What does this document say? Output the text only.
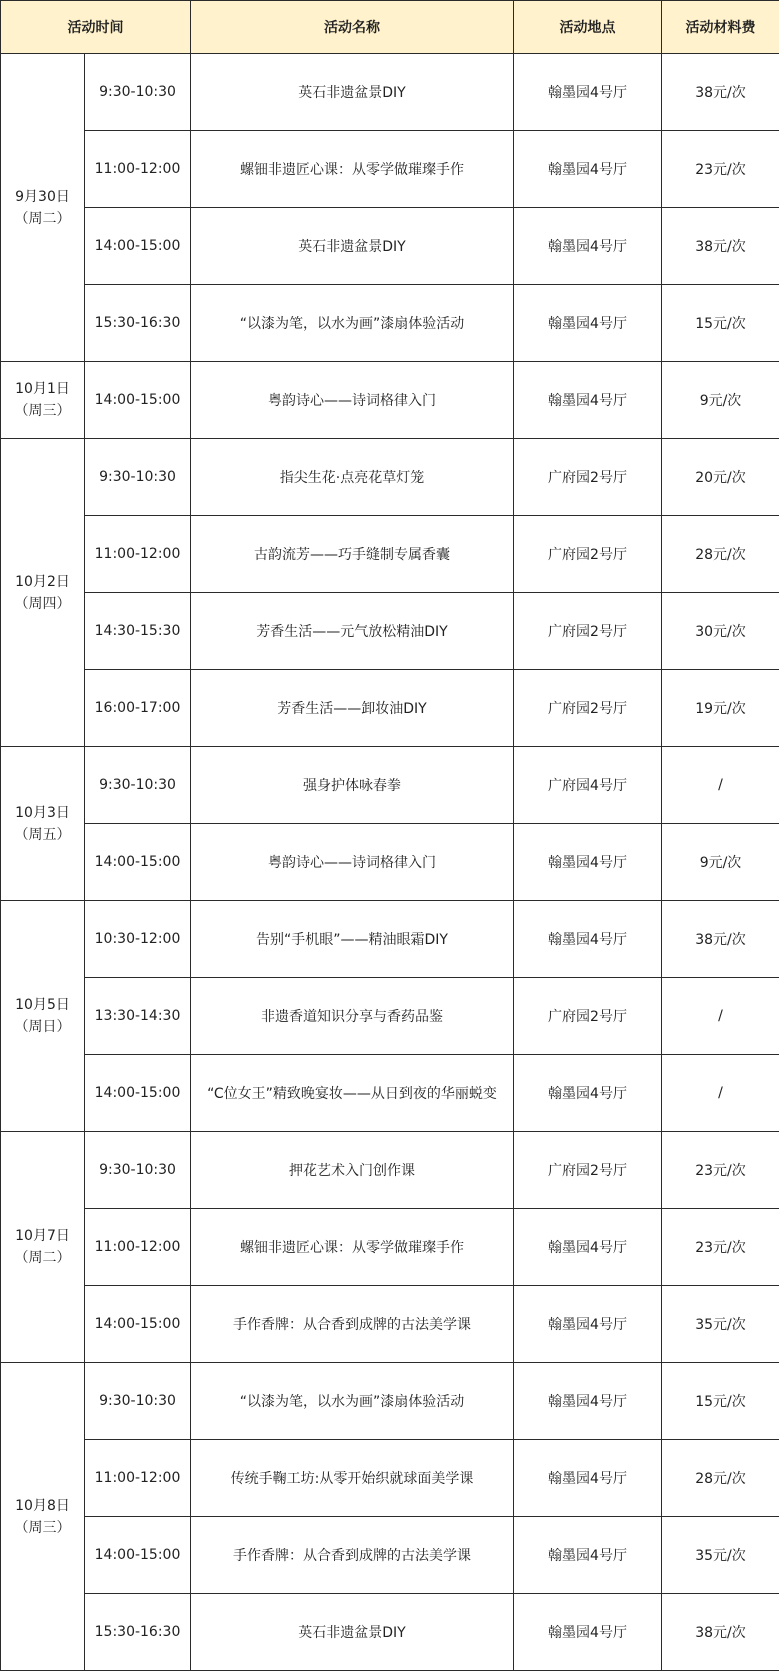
活动时间		活动名称	活动地点	活动材料费

9月30日
（周二）	9:30-10:30	英石非遗盆景DIY	翰墨园4号厅	38元/次
	11:00-12:00	螺钿非遗匠心课：从零学做璀璨手作	翰墨园4号厅	23元/次
	14:00-15:00	英石非遗盆景DIY	翰墨园4号厅	38元/次
	15:30-16:30	“以漆为笔，以水为画”漆扇体验活动	翰墨园4号厅	15元/次

10月1日
（周三）	14:00-15:00	粤韵诗心——诗词格律入门	翰墨园4号厅	9元/次

10月2日
（周四）	9:30-10:30	指尖生花·点亮花草灯笼	广府园2号厅	20元/次
	11:00-12:00	古韵流芳——巧手缝制专属香囊	广府园2号厅	28元/次
	14:30-15:30	芳香生活——元气放松精油DIY	广府园2号厅	30元/次
	16:00-17:00	芳香生活——卸妆油DIY	广府园2号厅	19元/次

10月3日
（周五）	9:30-10:30	强身护体咏春拳	广府园4号厅	/
	14:00-15:00	粤韵诗心——诗词格律入门	翰墨园4号厅	9元/次

10月5日
（周日）	10:30-12:00	告别“手机眼”——精油眼霜DIY	翰墨园4号厅	38元/次
	13:30-14:30	非遗香道知识分享与香药品鉴	广府园2号厅	/
	14:00-15:00	“C位女王”精致晚宴妆——从日到夜的华丽蜕变	翰墨园4号厅	/

10月7日
（周二）	9:30-10:30	押花艺术入门创作课	广府园2号厅	23元/次
	11:00-12:00	螺钿非遗匠心课：从零学做璀璨手作	翰墨园4号厅	23元/次
	14:00-15:00	手作香牌：从合香到成牌的古法美学课	翰墨园4号厅	35元/次

10月8日
（周三）	9:30-10:30	“以漆为笔，以水为画”漆扇体验活动	翰墨园4号厅	15元/次
	11:00-12:00	传统手鞠工坊:从零开始织就球面美学课	翰墨园4号厅	28元/次
	14:00-15:00	手作香牌：从合香到成牌的古法美学课	翰墨园4号厅	35元/次
	15:30-16:30	英石非遗盆景DIY	翰墨园4号厅	38元/次
